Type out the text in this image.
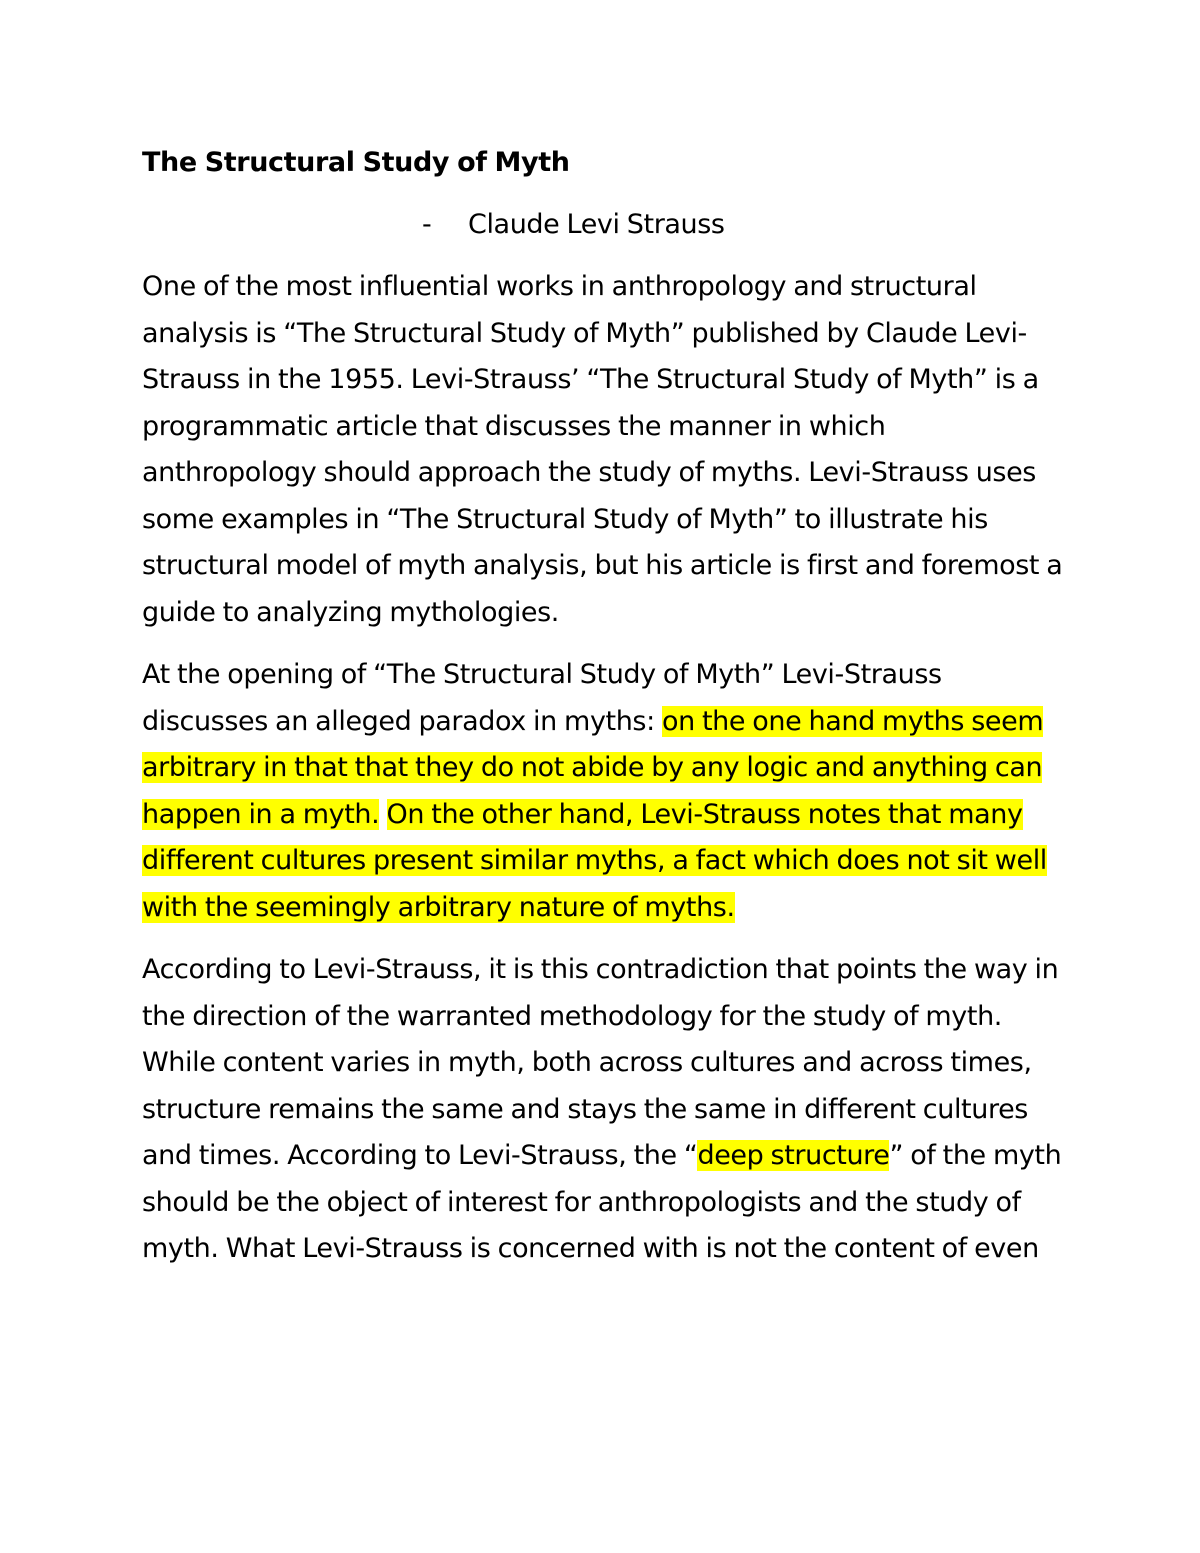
The Structural Study of Myth
-	Claude Levi Strauss
One of the most influential works in anthropology and structural analysis is “The Structural Study of Myth” published by Claude Levi-Strauss in the 1955. Levi-Strauss’ “The Structural Study of Myth” is a programmatic article that discusses the manner in which anthropology should approach the study of myths. Levi-Strauss uses some examples in “The Structural Study of Myth” to illustrate his structural model of myth analysis, but his article is first and foremost a guide to analyzing mythologies.
At the opening of “The Structural Study of Myth” Levi-Strauss discusses an alleged paradox in myths: on the one hand myths seem arbitrary in that that they do not abide by any logic and anything can happen in a myth. On the other hand, Levi-Strauss notes that many different cultures present similar myths, a fact which does not sit well with the seemingly arbitrary nature of myths.
According to Levi-Strauss, it is this contradiction that points the way in the direction of the warranted methodology for the study of myth. While content varies in myth, both across cultures and across times, structure remains the same and stays the same in different cultures and times. According to Levi-Strauss, the “deep structure” of the myth should be the object of interest for anthropologists and the study of myth. What Levi-Strauss is concerned with is not the content of even
